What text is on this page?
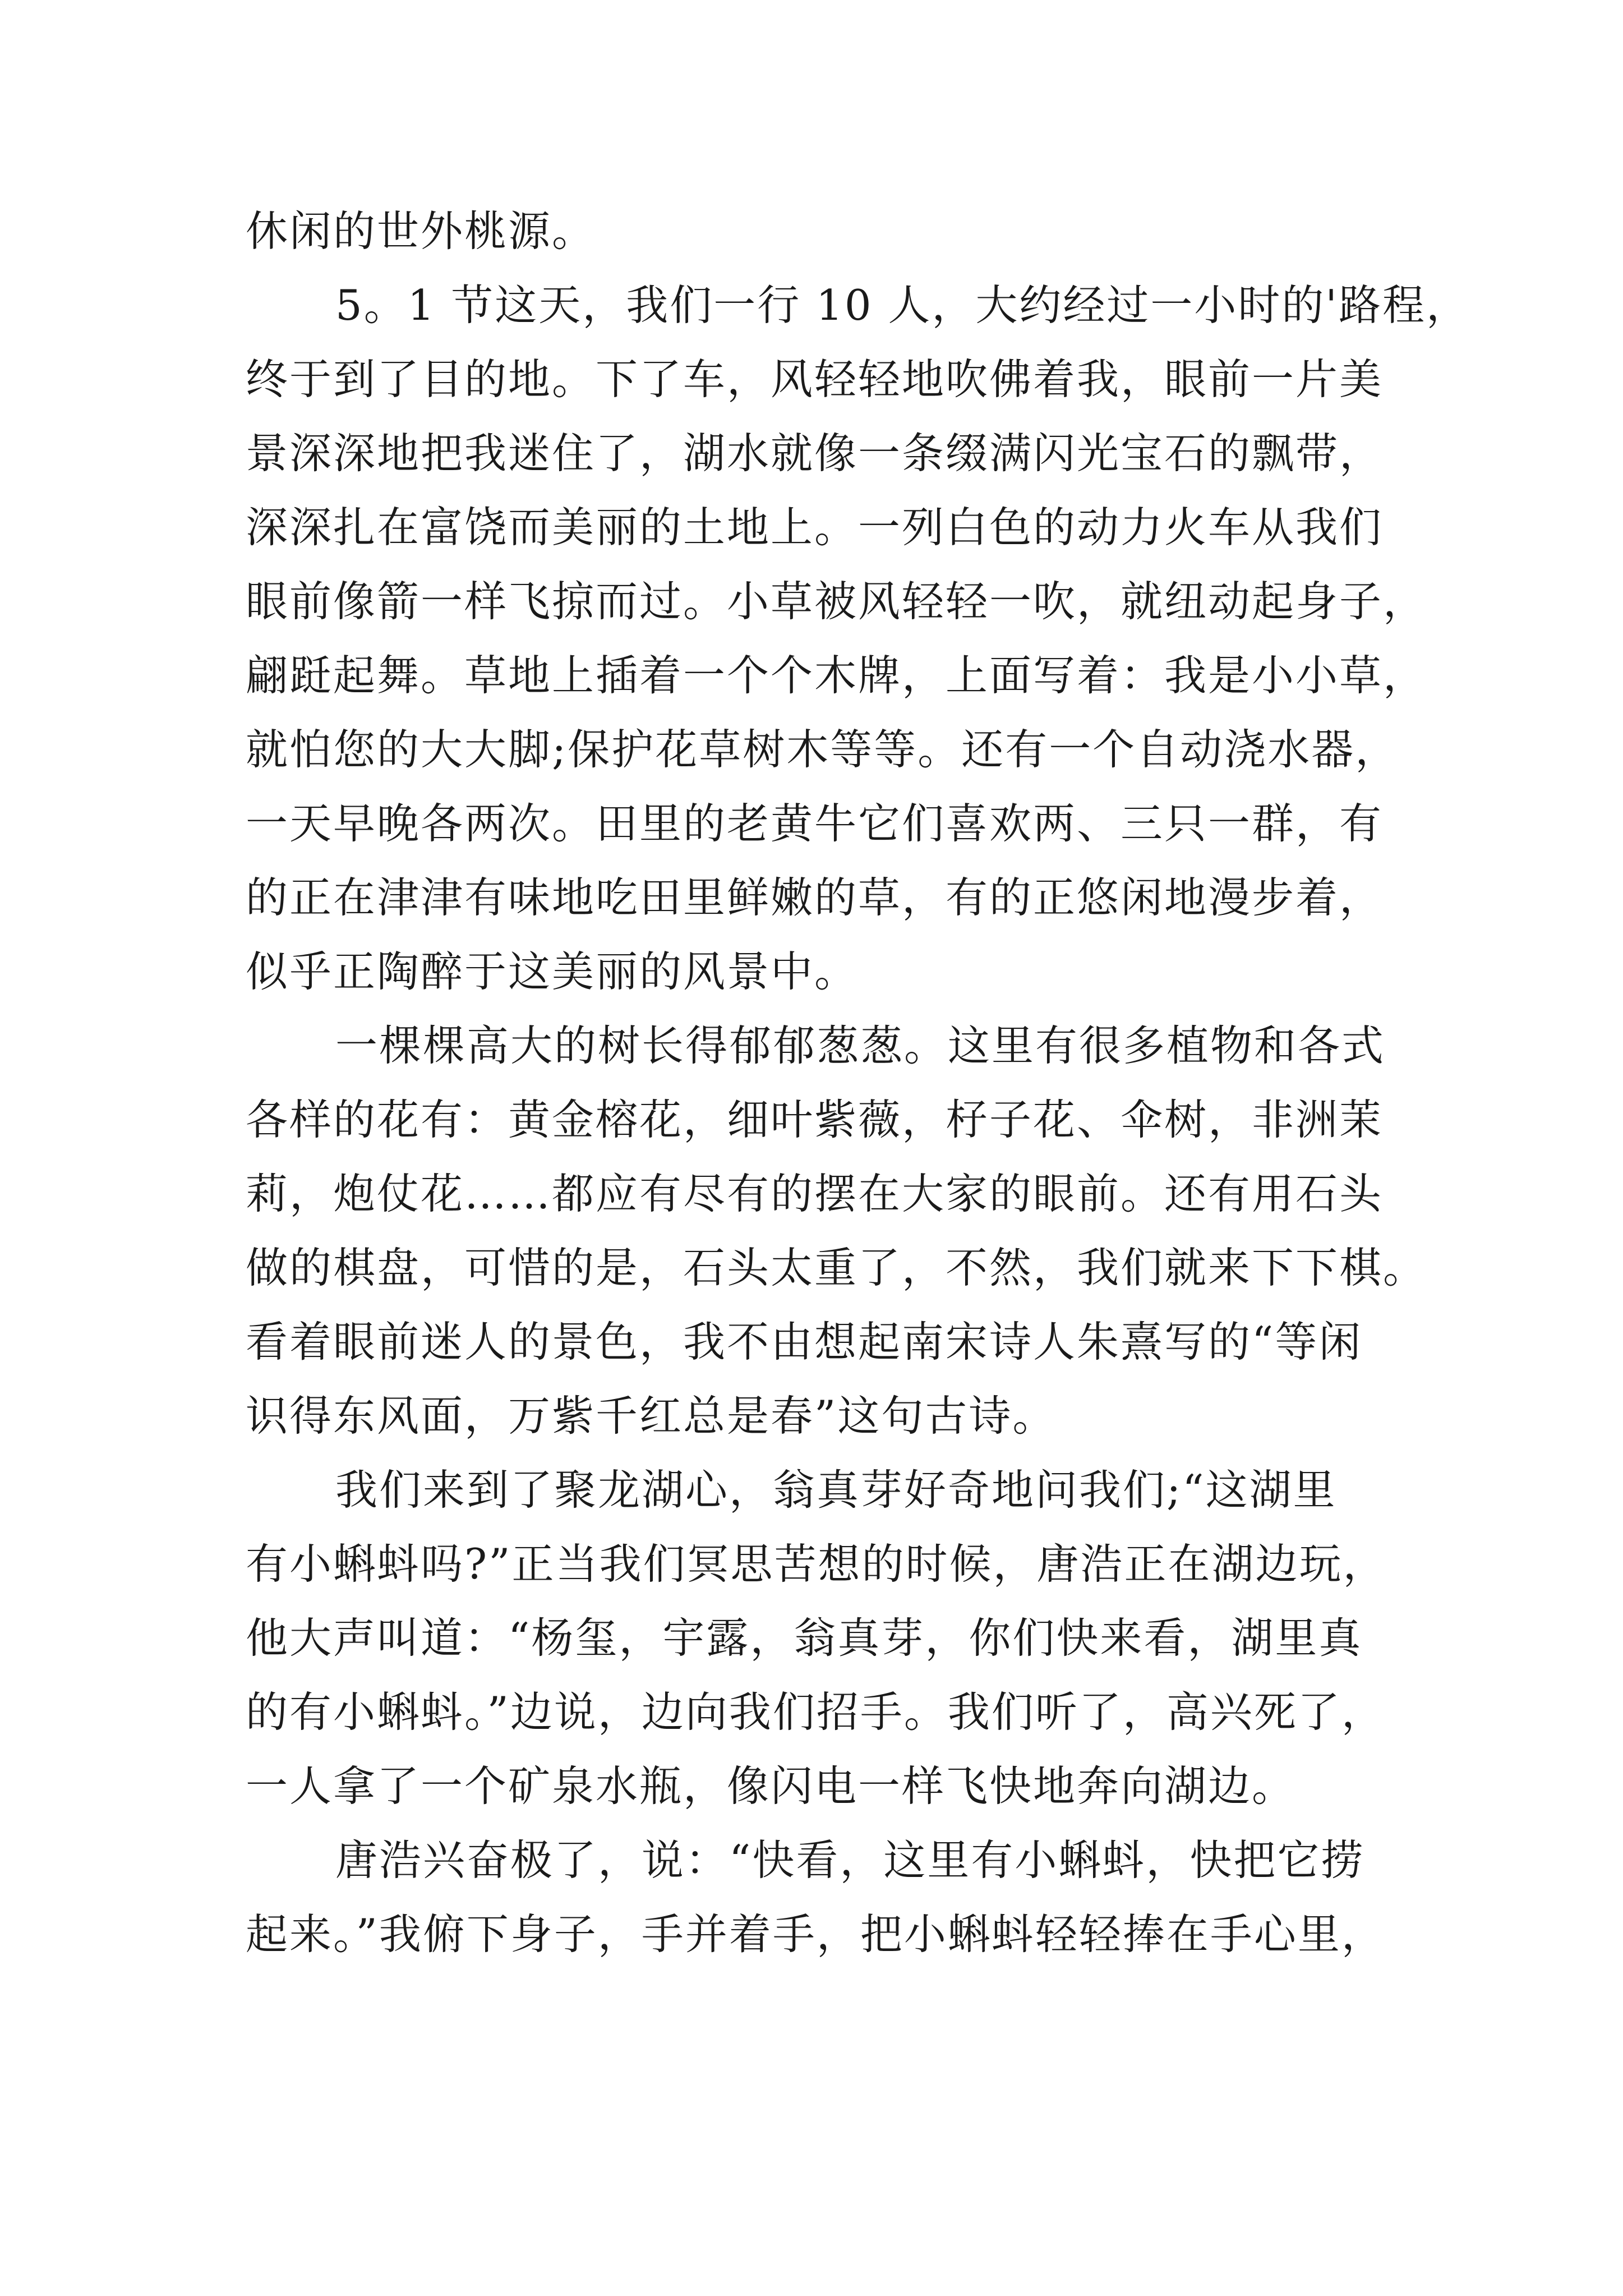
休闲的世外桃源。
5。1 节这天，我们一行 10 人，大约经过一小时的'路程，
终于到了目的地。下了车，风轻轻地吹佛着我，眼前一片美
景深深地把我迷住了，湖水就像一条缀满闪光宝石的飘带，
深深扎在富饶而美丽的土地上。一列白色的动力火车从我们
眼前像箭一样飞掠而过。小草被风轻轻一吹，就纽动起身子，
翩跹起舞。草地上插着一个个木牌，上面写着：我是小小草，
就怕您的大大脚;保护花草树木等等。还有一个自动浇水器，
一天早晚各两次。田里的老黄牛它们喜欢两、三只一群，有
的正在津津有味地吃田里鲜嫩的草，有的正悠闲地漫步着，
似乎正陶醉于这美丽的风景中。
一棵棵高大的树长得郁郁葱葱。这里有很多植物和各式
各样的花有：黄金榕花，细叶紫薇，杍子花、伞树，非洲茉
莉，炮仗花……都应有尽有的摆在大家的眼前。还有用石头
做的棋盘，可惜的是，石头太重了，不然，我们就来下下棋。
看着眼前迷人的景色，我不由想起南宋诗人朱熹写的“等闲
识得东风面，万紫千红总是春”这句古诗。
我们来到了聚龙湖心，翁真芽好奇地问我们;“这湖里
有小蝌蚪吗?”正当我们冥思苦想的时候，唐浩正在湖边玩，
他大声叫道：“杨玺，宇露，翁真芽，你们快来看，湖里真
的有小蝌蚪。”边说，边向我们招手。我们听了，高兴死了，
一人拿了一个矿泉水瓶，像闪电一样飞快地奔向湖边。
唐浩兴奋极了，说：“快看，这里有小蝌蚪，快把它捞
起来。”我俯下身子，手并着手，把小蝌蚪轻轻捧在手心里，
